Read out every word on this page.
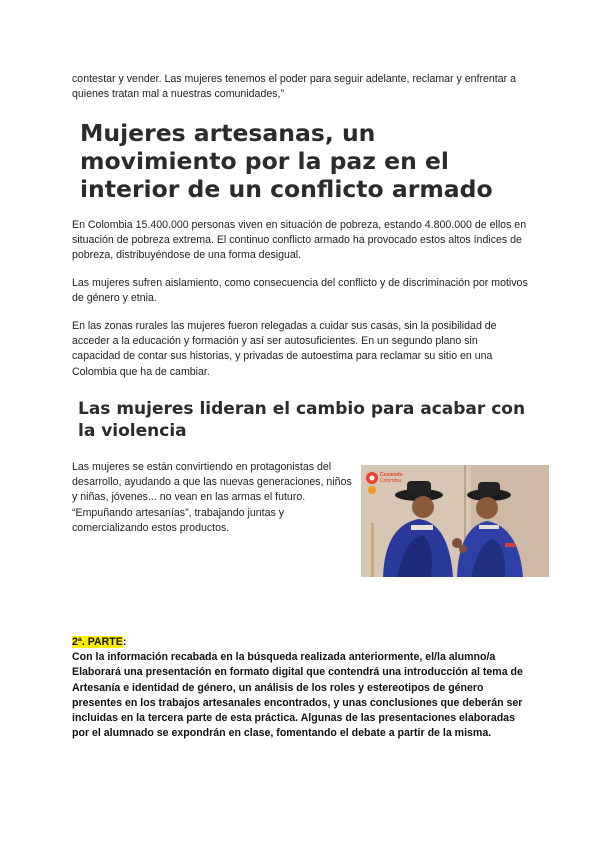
contestar y vender. Las mujeres tenemos el poder para seguir adelante, reclamar y enfrentar a quienes tratan mal a nuestras comunidades,”

Mujeres artesanas, un movimiento por la paz en el interior de un conflicto armado

En Colombia 15.400.000 personas viven en situación de pobreza, estando 4.800.000 de ellos en situación de pobreza extrema. El continuo conflicto armado ha provocado estos altos índices de pobreza, distribuyéndose de una forma desigual.

Las mujeres sufren aislamiento, como consecuencia del conflicto y de discriminación por motivos de género y etnia.

En las zonas rurales las mujeres fueron relegadas a cuidar sus casas, sin la posibilidad de acceder a la educación y formación y así ser autosuficientes. En un segundo plano sin capacidad de contar sus historias, y privadas de autoestima para reclamar su sitio en una Colombia que ha de cambiar.

Las mujeres lideran el cambio para acabar con la violencia

Las mujeres se están convirtiendo en protagonistas del desarrollo, ayudando a que las nuevas generaciones, niños y niñas, jóvenes... no vean en las armas el futuro. “Empuñando artesanías”, trabajando juntas y comercializando estos productos.

Cosiendo
Colombia
2ª. PARTE:
Con la información recabada en la búsqueda realizada anteriormente, el/la alumno/a Elaborará una presentación en formato digital que contendrá una introducción al tema de Artesanía e identidad de género, un análisis de los roles y estereotipos de género presentes en los trabajos artesanales encontrados, y unas conclusiones que deberán ser incluidas en la tercera parte de esta práctica. Algunas de las presentaciones elaboradas por el alumnado se expondrán en clase, fomentando el debate a partir de la misma.
